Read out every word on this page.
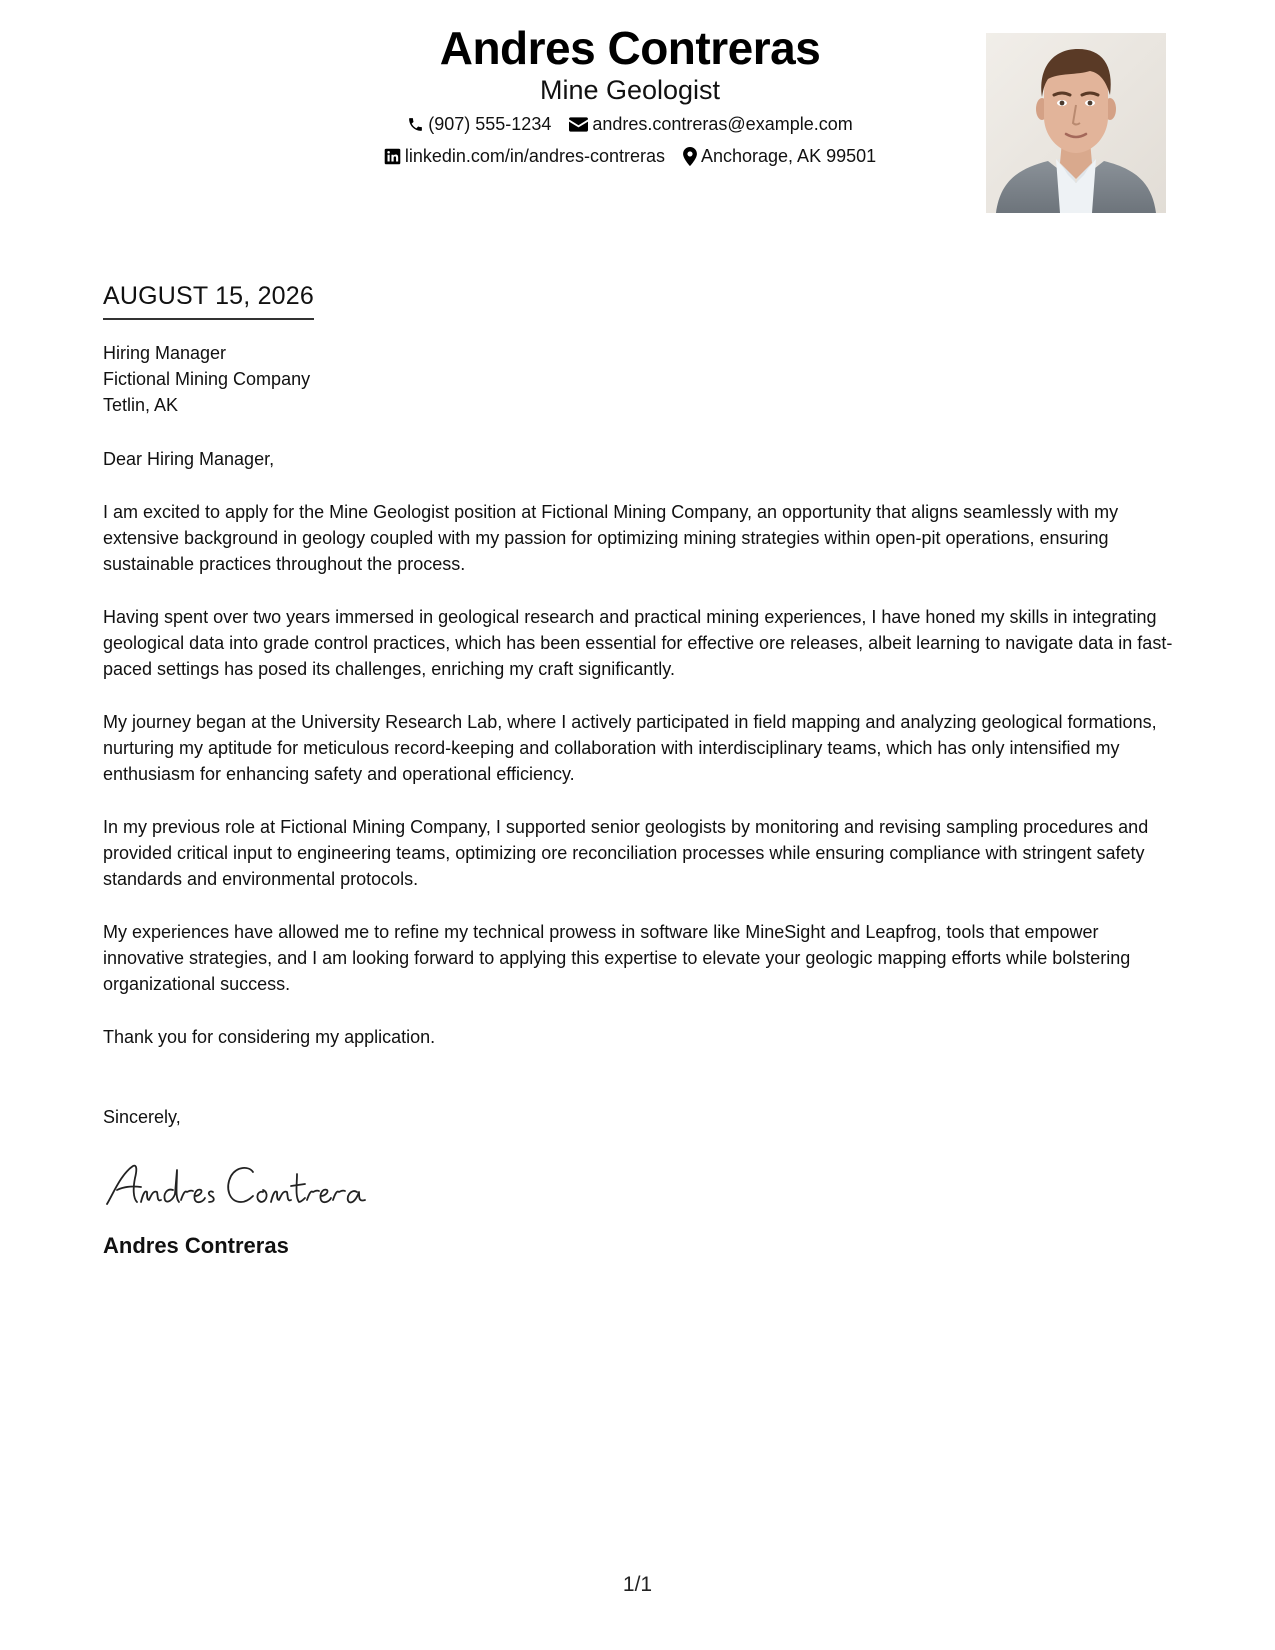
Andres Contreras
Mine Geologist
(907) 555-1234 andres.contreras@example.com
linkedin.com/in/andres-contreras Anchorage, AK 99501
AUGUST 15, 2026
Hiring Manager
Fictional Mining Company
Tetlin, AK
Dear Hiring Manager,
I am excited to apply for the Mine Geologist position at Fictional Mining Company, an opportunity that aligns seamlessly with my extensive background in geology coupled with my passion for optimizing mining strategies within open-pit operations, ensuring sustainable practices throughout the process.
Having spent over two years immersed in geological research and practical mining experiences, I have honed my skills in integrating geological data into grade control practices, which has been essential for effective ore releases, albeit learning to navigate data in fast-paced settings has posed its challenges, enriching my craft significantly.
My journey began at the University Research Lab, where I actively participated in field mapping and analyzing geological formations, nurturing my aptitude for meticulous record-keeping and collaboration with interdisciplinary teams, which has only intensified my enthusiasm for enhancing safety and operational efficiency.
In my previous role at Fictional Mining Company, I supported senior geologists by monitoring and revising sampling procedures and provided critical input to engineering teams, optimizing ore reconciliation processes while ensuring compliance with stringent safety standards and environmental protocols.
My experiences have allowed me to refine my technical prowess in software like MineSight and Leapfrog, tools that empower innovative strategies, and I am looking forward to applying this expertise to elevate your geologic mapping efforts while bolstering organizational success.
Thank you for considering my application.
Sincerely,
Andres Contreras
1/1
